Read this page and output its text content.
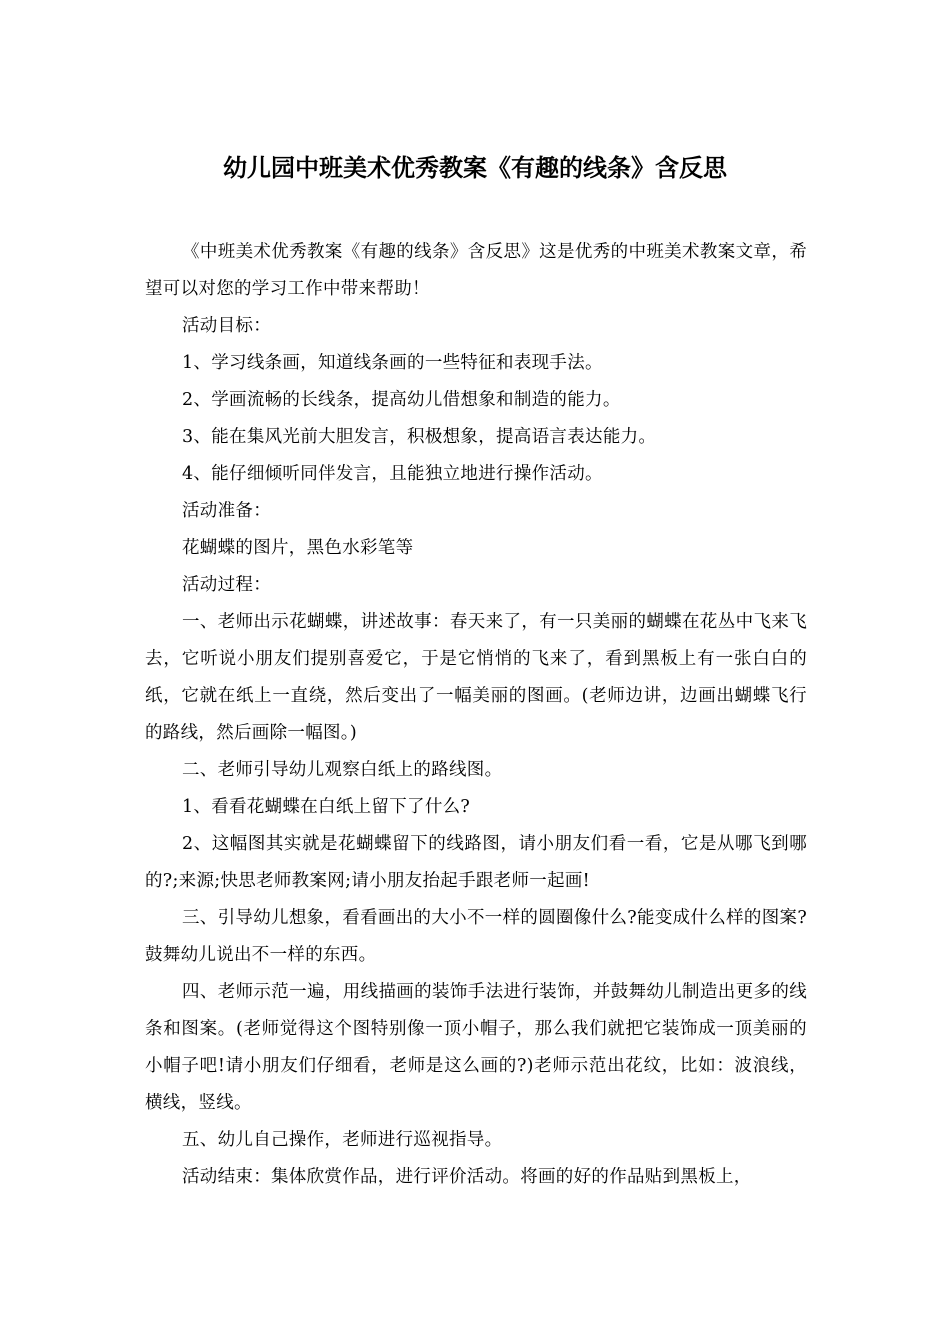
幼儿园中班美术优秀教案《有趣的线条》含反思

《中班美术优秀教案《有趣的线条》含反思》这是优秀的中班美术教案文章，希望可以对您的学习工作中带来帮助！

活动目标：

1、学习线条画，知道线条画的一些特征和表现手法。

2、学画流畅的长线条，提高幼儿借想象和制造的能力。

3、能在集风光前大胆发言，积极想象，提高语言表达能力。

4、能仔细倾听同伴发言，且能独立地进行操作活动。

活动准备：

花蝴蝶的图片，黑色水彩笔等

活动过程：

一、老师出示花蝴蝶，讲述故事：春天来了，有一只美丽的蝴蝶在花丛中飞来飞去，它听说小朋友们提别喜爱它，于是它悄悄的飞来了，看到黑板上有一张白白的纸，它就在纸上一直绕，然后变出了一幅美丽的图画。(老师边讲，边画出蝴蝶飞行的路线，然后画除一幅图。)

二、老师引导幼儿观察白纸上的路线图。

1、看看花蝴蝶在白纸上留下了什么?

2、这幅图其实就是花蝴蝶留下的线路图，请小朋友们看一看，它是从哪飞到哪的?;来源;快思老师教案网;请小朋友抬起手跟老师一起画!

三、引导幼儿想象，看看画出的大小不一样的圆圈像什么?能变成什么样的图案?鼓舞幼儿说出不一样的东西。

四、老师示范一遍，用线描画的装饰手法进行装饰，并鼓舞幼儿制造出更多的线条和图案。(老师觉得这个图特别像一顶小帽子，那么我们就把它装饰成一顶美丽的小帽子吧!请小朋友们仔细看，老师是这么画的?)老师示范出花纹，比如：波浪线，横线，竖线。

五、幼儿自己操作，老师进行巡视指导。

活动结束：集体欣赏作品，进行评价活动。将画的好的作品贴到黑板上，
